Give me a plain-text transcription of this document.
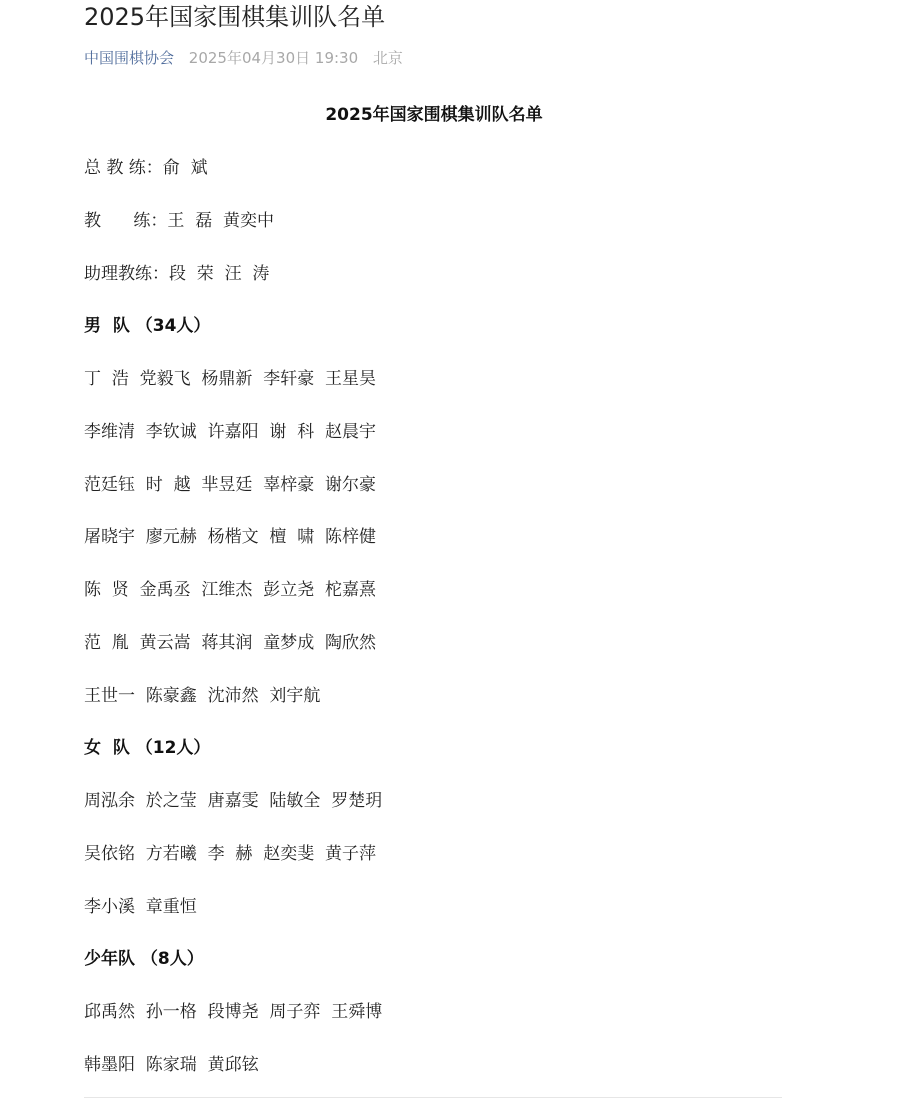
2025年国家围棋集训队名单
中国围棋协会 2025年04月30日 19:30 北京
2025年国家围棋集训队名单
总 教 练：俞  斌
教      练：王  磊  黄奕中
助理教练：段  荣  汪  涛
男  队 （34人）
丁  浩  党毅飞  杨鼎新  李轩豪  王星昊
李维清  李钦诚  许嘉阳  谢  科  赵晨宇
范廷钰  时  越  芈昱廷  辜梓豪  谢尔豪
屠晓宇  廖元赫  杨楷文  檀  啸  陈梓健
陈  贤  金禹丞  江维杰  彭立尧  柁嘉熹
范  胤  黄云嵩  蒋其润  童梦成  陶欣然
王世一  陈豪鑫  沈沛然  刘宇航
女  队 （12人）
周泓余  於之莹  唐嘉雯  陆敏全  罗楚玥
吴依铭  方若曦  李  赫  赵奕斐  黄子萍
李小溪  章重恒
少年队 （8人）
邱禹然  孙一格  段博尧  周子弈  王舜博
韩墨阳  陈家瑞  黄邱铉
